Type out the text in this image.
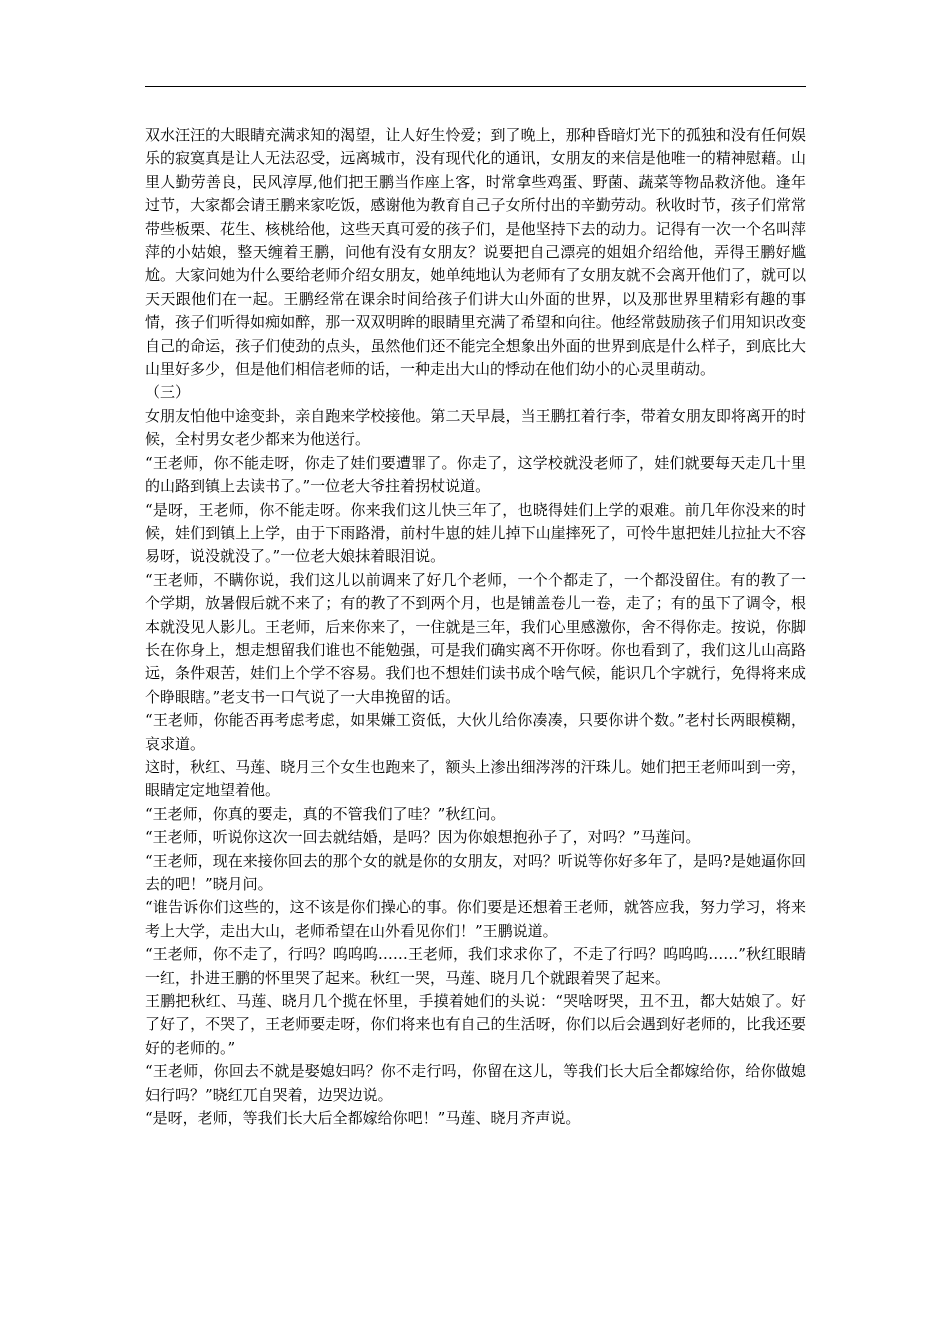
双水汪汪的大眼睛充满求知的渴望，让人好生怜爱；到了晚上，那种昏暗灯光下的孤独和没有任何娱乐的寂寞真是让人无法忍受，远离城市，没有现代化的通讯，女朋友的来信是他唯一的精神慰藉。山里人勤劳善良，民风淳厚,他们把王鹏当作座上客，时常拿些鸡蛋、野菌、蔬菜等物品救济他。逢年过节，大家都会请王鹏来家吃饭，感谢他为教育自己子女所付出的辛勤劳动。秋收时节，孩子们常常带些板栗、花生、核桃给他，这些天真可爱的孩子们，是他坚持下去的动力。记得有一次一个名叫萍萍的小姑娘，整天缠着王鹏，问他有没有女朋友？说要把自己漂亮的姐姐介绍给他，弄得王鹏好尴尬。大家问她为什么要给老师介绍女朋友，她单纯地认为老师有了女朋友就不会离开他们了，就可以天天跟他们在一起。王鹏经常在课余时间给孩子们讲大山外面的世界，以及那世界里精彩有趣的事情，孩子们听得如痴如醉，那一双双明眸的眼睛里充满了希望和向往。他经常鼓励孩子们用知识改变自己的命运，孩子们使劲的点头，虽然他们还不能完全想象出外面的世界到底是什么样子，到底比大山里好多少，但是他们相信老师的话，一种走出大山的悸动在他们幼小的心灵里萌动。

（三）

女朋友怕他中途变卦，亲自跑来学校接他。第二天早晨，当王鹏扛着行李，带着女朋友即将离开的时候，全村男女老少都来为他送行。

“王老师，你不能走呀，你走了娃们要遭罪了。你走了，这学校就没老师了，娃们就要每天走几十里的山路到镇上去读书了。”一位老大爷拄着拐杖说道。

“是呀，王老师，你不能走呀。你来我们这儿快三年了，也晓得娃们上学的艰难。前几年你没来的时候，娃们到镇上上学，由于下雨路滑，前村牛崽的娃儿掉下山崖摔死了，可怜牛崽把娃儿拉扯大不容易呀，说没就没了。”一位老大娘抹着眼泪说。

“王老师，不瞒你说，我们这儿以前调来了好几个老师，一个个都走了，一个都没留住。有的教了一个学期，放暑假后就不来了；有的教了不到两个月，也是铺盖卷儿一卷，走了；有的虽下了调令，根本就没见人影儿。王老师，后来你来了，一住就是三年，我们心里感激你，舍不得你走。按说，你脚长在你身上，想走想留我们谁也不能勉强，可是我们确实离不开你呀。你也看到了，我们这儿山高路远，条件艰苦，娃们上个学不容易。我们也不想娃们读书成个啥气候，能识几个字就行，免得将来成个睁眼瞎。”老支书一口气说了一大串挽留的话。

“王老师，你能否再考虑考虑，如果嫌工资低，大伙儿给你凑凑，只要你讲个数。”老村长两眼模糊，哀求道。

这时，秋红、马莲、晓月三个女生也跑来了，额头上渗出细涔涔的汗珠儿。她们把王老师叫到一旁，眼睛定定地望着他。

“王老师，你真的要走，真的不管我们了哇？”秋红问。

“王老师，听说你这次一回去就结婚，是吗？因为你娘想抱孙子了，对吗？”马莲问。

“王老师，现在来接你回去的那个女的就是你的女朋友，对吗？听说等你好多年了，是吗?是她逼你回去的吧！”晓月问。

“谁告诉你们这些的，这不该是你们操心的事。你们要是还想着王老师，就答应我，努力学习，将来考上大学，走出大山，老师希望在山外看见你们！”王鹏说道。

“王老师，你不走了，行吗？呜呜呜……王老师，我们求求你了，不走了行吗？呜呜呜……”秋红眼睛一红，扑进王鹏的怀里哭了起来。秋红一哭，马莲、晓月几个就跟着哭了起来。

王鹏把秋红、马莲、晓月几个揽在怀里，手摸着她们的头说：“哭啥呀哭，丑不丑，都大姑娘了。好了好了，不哭了，王老师要走呀，你们将来也有自己的生活呀，你们以后会遇到好老师的，比我还要好的老师的。”

“王老师，你回去不就是娶媳妇吗？你不走行吗，你留在这儿，等我们长大后全都嫁给你，给你做媳妇行吗？”晓红兀自哭着，边哭边说。

“是呀，老师，等我们长大后全都嫁给你吧！”马莲、晓月齐声说。
